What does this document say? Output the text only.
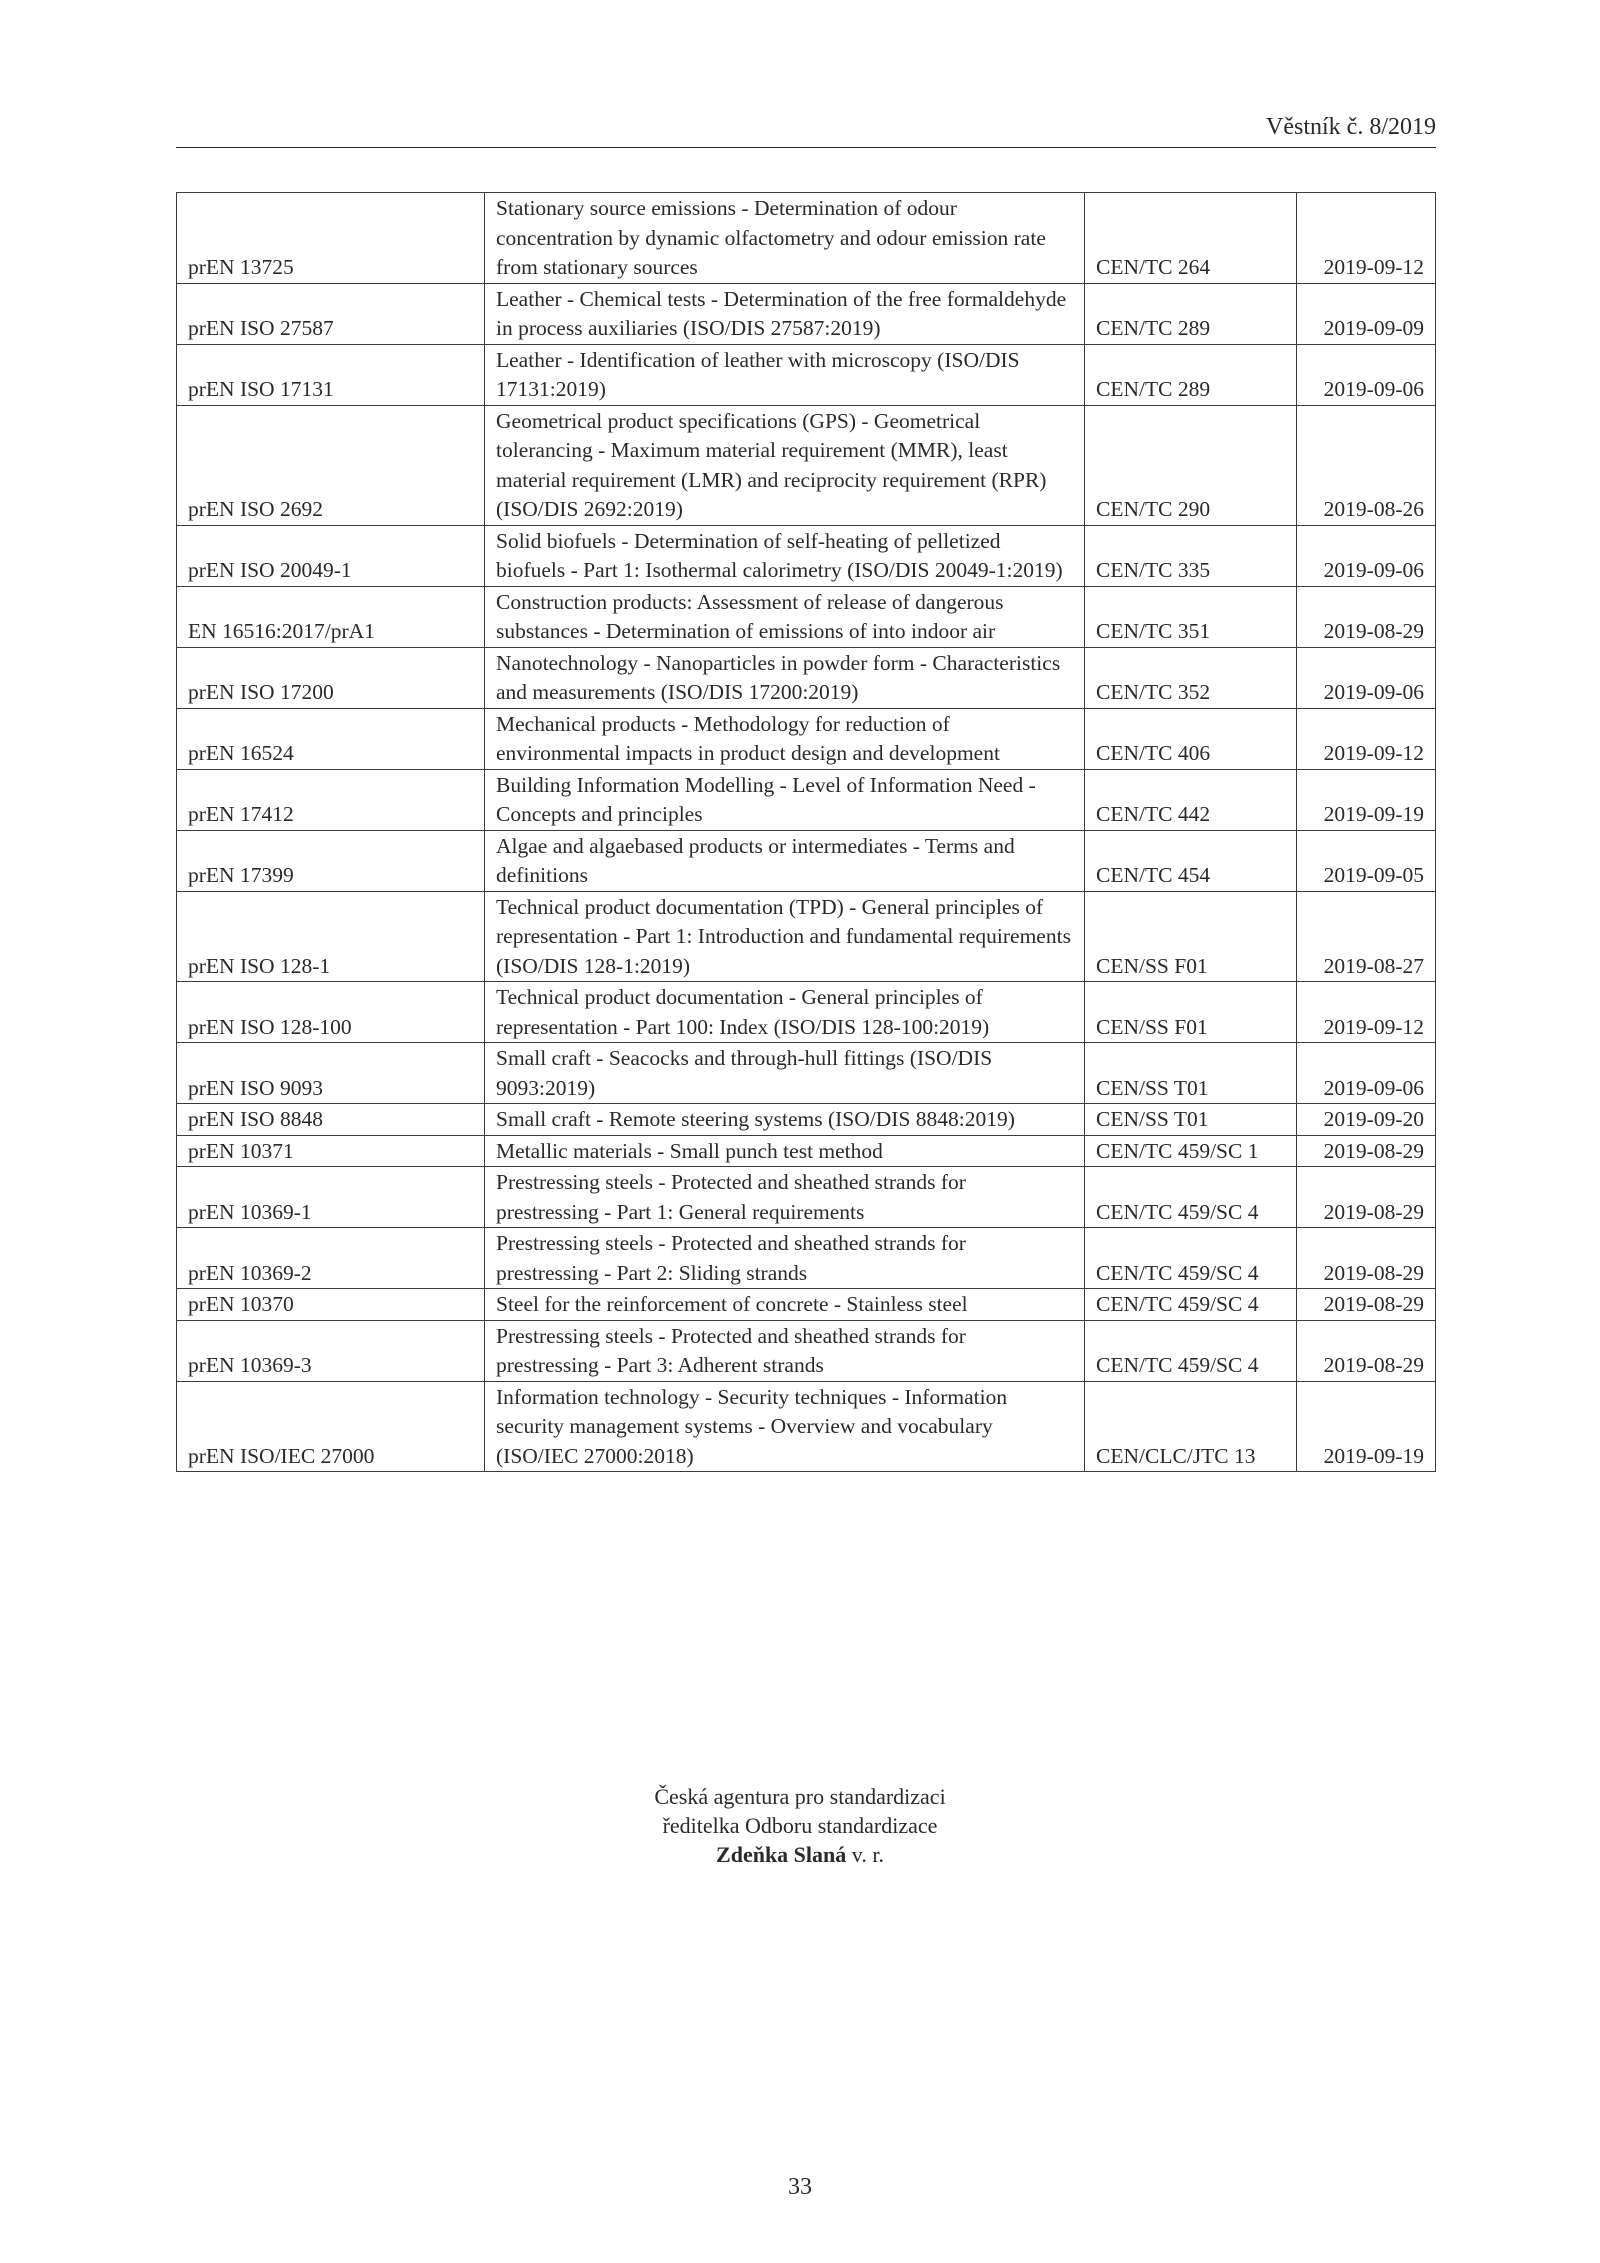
Věstník č. 8/2019
prEN 13725	Stationary source emissions - Determination of odour concentration by dynamic olfactometry and odour emission rate from stationary sources	CEN/TC 264	2019-09-12
prEN ISO 27587	Leather - Chemical tests - Determination of the free formaldehyde in process auxiliaries (ISO/DIS 27587:2019)	CEN/TC 289	2019-09-09
prEN ISO 17131	Leather - Identification of leather with microscopy (ISO/DIS 17131:2019)	CEN/TC 289	2019-09-06
prEN ISO 2692	Geometrical product specifications (GPS) - Geometrical tolerancing - Maximum material requirement (MMR), least material requirement (LMR) and reciprocity requirement (RPR) (ISO/DIS 2692:2019)	CEN/TC 290	2019-08-26
prEN ISO 20049-1	Solid biofuels - Determination of self-heating of pelletized biofuels - Part 1: Isothermal calorimetry (ISO/DIS 20049-1:2019)	CEN/TC 335	2019-09-06
EN 16516:2017/prA1	Construction products: Assessment of release of dangerous substances - Determination of emissions of into indoor air	CEN/TC 351	2019-08-29
prEN ISO 17200	Nanotechnology - Nanoparticles in powder form - Characteristics and measurements (ISO/DIS 17200:2019)	CEN/TC 352	2019-09-06
prEN 16524	Mechanical products - Methodology for reduction of environmental impacts in product design and development	CEN/TC 406	2019-09-12
prEN 17412	Building Information Modelling - Level of Information Need - Concepts and principles	CEN/TC 442	2019-09-19
prEN 17399	Algae and algaebased products or intermediates - Terms and definitions	CEN/TC 454	2019-09-05
prEN ISO 128-1	Technical product documentation (TPD) - General principles of representation - Part 1: Introduction and fundamental requirements (ISO/DIS 128-1:2019)	CEN/SS F01	2019-08-27
prEN ISO 128-100	Technical product documentation - General principles of representation - Part 100: Index (ISO/DIS 128-100:2019)	CEN/SS F01	2019-09-12
prEN ISO 9093	Small craft - Seacocks and through-hull fittings (ISO/DIS 9093:2019)	CEN/SS T01	2019-09-06
prEN ISO 8848	Small craft - Remote steering systems (ISO/DIS 8848:2019)	CEN/SS T01	2019-09-20
prEN 10371	Metallic materials - Small punch test method	CEN/TC 459/SC 1	2019-08-29
prEN 10369-1	Prestressing steels - Protected and sheathed strands for prestressing - Part 1: General requirements	CEN/TC 459/SC 4	2019-08-29
prEN 10369-2	Prestressing steels - Protected and sheathed strands for prestressing - Part 2: Sliding strands	CEN/TC 459/SC 4	2019-08-29
prEN 10370	Steel for the reinforcement of concrete - Stainless steel	CEN/TC 459/SC 4	2019-08-29
prEN 10369-3	Prestressing steels - Protected and sheathed strands for prestressing - Part 3: Adherent strands	CEN/TC 459/SC 4	2019-08-29
prEN ISO/IEC 27000	Information technology - Security techniques - Information security management systems - Overview and vocabulary (ISO/IEC 27000:2018)	CEN/CLC/JTC 13	2019-09-19
Česká agentura pro standardizaci
ředitelka Odboru standardizace
Zdeňka Slaná v. r.
33
